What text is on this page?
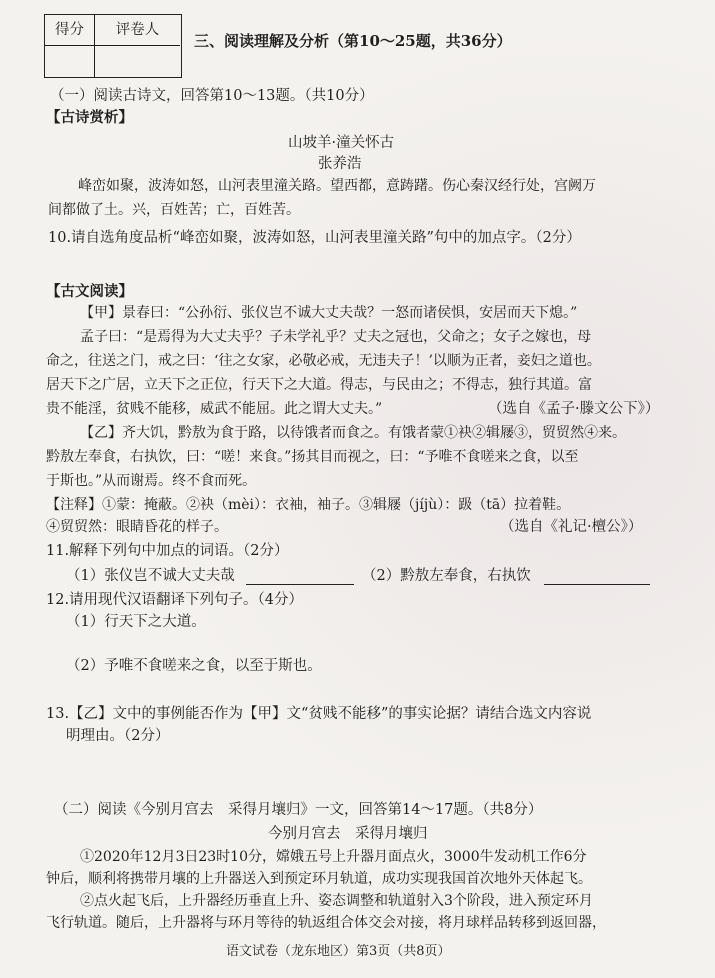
得分	评卷人
三、阅读理解及分析（第10～25题，共36分）
（一）阅读古诗文，回答第10～13题。（共10分）
【古诗赏析】
山坡羊·潼关怀古
张养浩
峰峦如聚，波涛如怒，山河表里潼关路。望西都，意踌躇。伤心秦汉经行处，宫阙万
间都做了土。兴，百姓苦；亡，百姓苦。
10.请自选角度品析“峰峦如聚，波涛如怒，山河表里潼关路”句中的加点字。（2分）
【古文阅读】
【甲】景春曰：“公孙衍、张仪岂不诚大丈夫哉？一怒而诸侯惧，安居而天下熄。”
孟子曰：“是焉得为大丈夫乎？子未学礼乎？丈夫之冠也，父命之；女子之嫁也，母
命之，往送之门，戒之曰：‘往之女家，必敬必戒，无违夫子！’以顺为正者，妾妇之道也。
居天下之广居，立天下之正位，行天下之大道。得志，与民由之；不得志，独行其道。富
贵不能淫，贫贱不能移，威武不能屈。此之谓大丈夫。”	（选自《孟子·滕文公下》）
【乙】齐大饥，黔敖为食于路，以待饿者而食之。有饿者蒙①袂②辑屦③，贸贸然④来。
黔敖左奉食，右执饮，曰：“嗟！来食。”扬其目而视之，曰：“予唯不食嗟来之食，以至
于斯也。”从而谢焉。终不食而死。
【注释】①蒙：掩蔽。②袂（mèi）：衣袖，袖子。③辑屦（jíjù）：趿（tā）拉着鞋。
④贸贸然：眼睛昏花的样子。	（选自《礼记·檀公》）
11.解释下列句中加点的词语。（2分）
（1）张仪岂不诚大丈夫哉	（2）黔敖左奉食，右执饮
12.请用现代汉语翻译下列句子。（4分）
（1）行天下之大道。
（2）予唯不食嗟来之食，以至于斯也。
13.【乙】文中的事例能否作为【甲】文“贫贱不能移”的事实论据？请结合选文内容说
明理由。（2分）
（二）阅读《今别月宫去　采得月壤归》一文，回答第14～17题。（共8分）
今别月宫去　采得月壤归
①2020年12月3日23时10分，嫦娥五号上升器月面点火，3000牛发动机工作6分
钟后，顺利将携带月壤的上升器送入到预定环月轨道，成功实现我国首次地外天体起飞。
②点火起飞后，上升器经历垂直上升、姿态调整和轨道射入3个阶段，进入预定环月
飞行轨道。随后，上升器将与环月等待的轨返组合体交会对接，将月球样品转移到返回器，
语文试卷（龙东地区）第3页（共8页）
